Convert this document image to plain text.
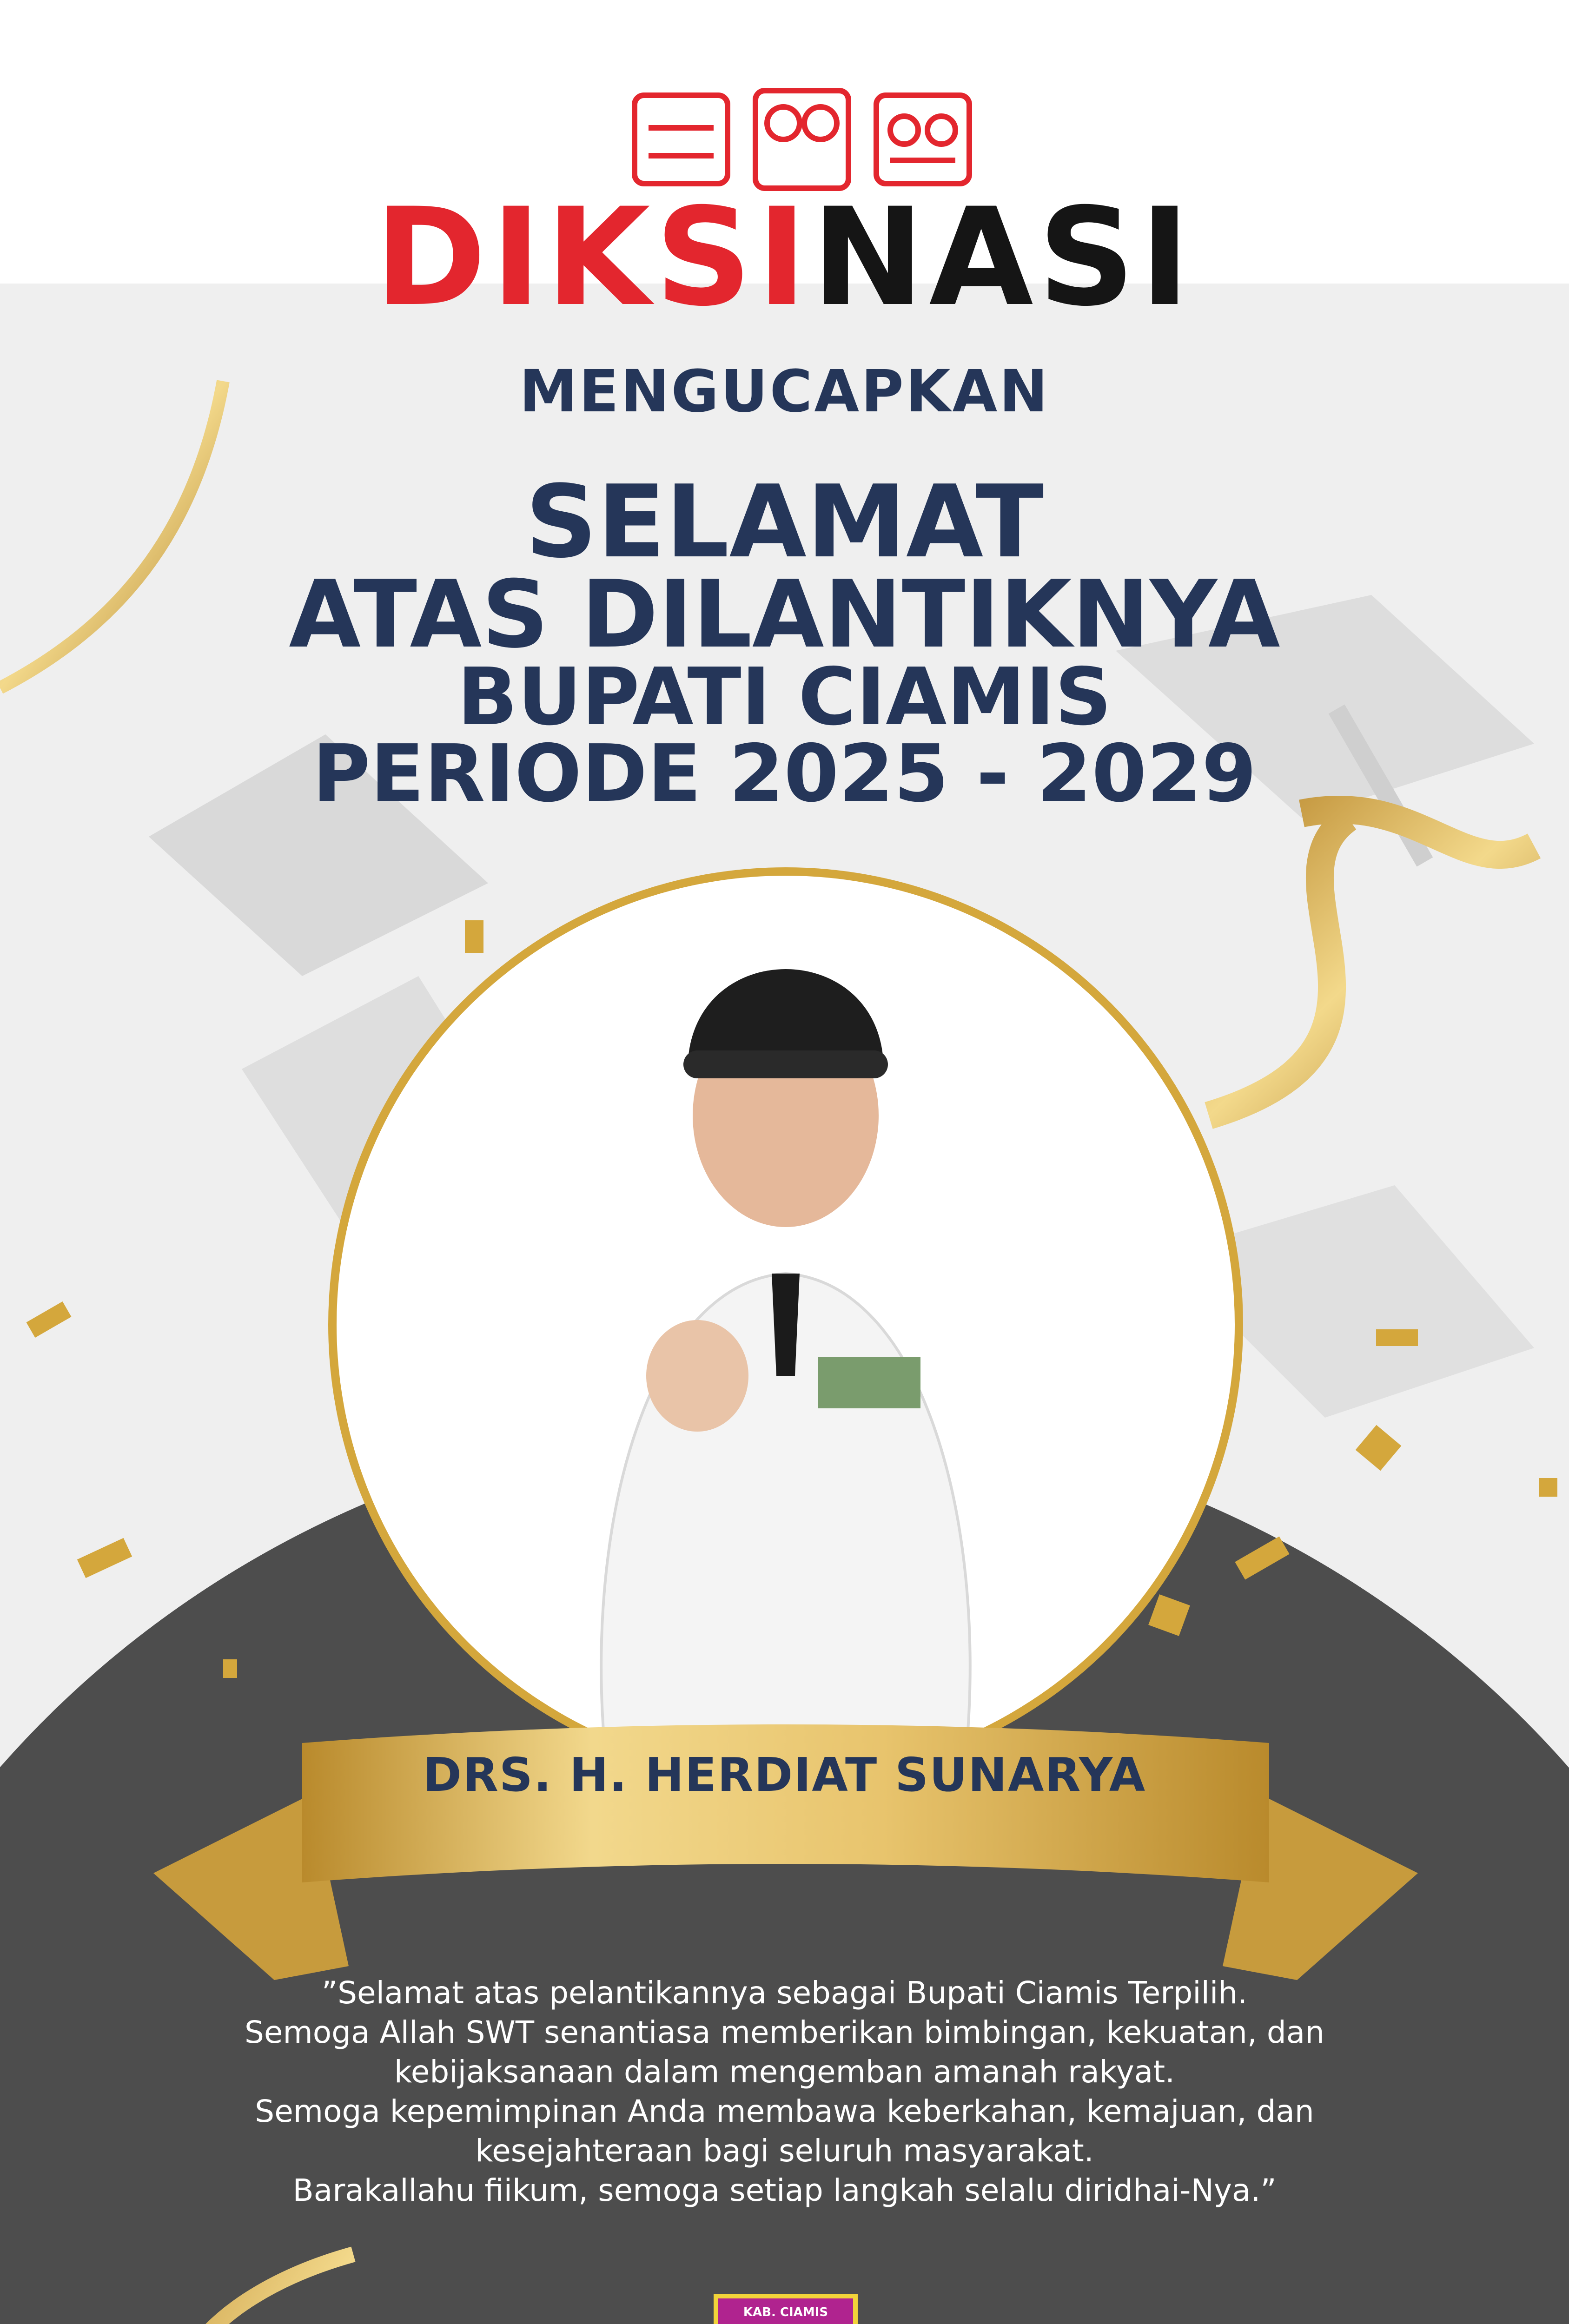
DIKSINASI
MENGUCAPKAN
SELAMAT
ATAS DILANTIKNYA
BUPATI CIAMIS
PERIODE 2025 - 2029
DRS. H. HERDIAT SUNARYA
”Selamat atas pelantikannya sebagai Bupati Ciamis Terpilih.
Semoga Allah SWT senantiasa memberikan bimbingan, kekuatan, dan
kebijaksanaan dalam mengemban amanah rakyat.
Semoga kepemimpinan Anda membawa keberkahan, kemajuan, dan
kesejahteraan bagi seluruh masyarakat.
Barakallahu fiikum, semoga setiap langkah selalu diridhai-Nya.”
KAB. CIAMIS
